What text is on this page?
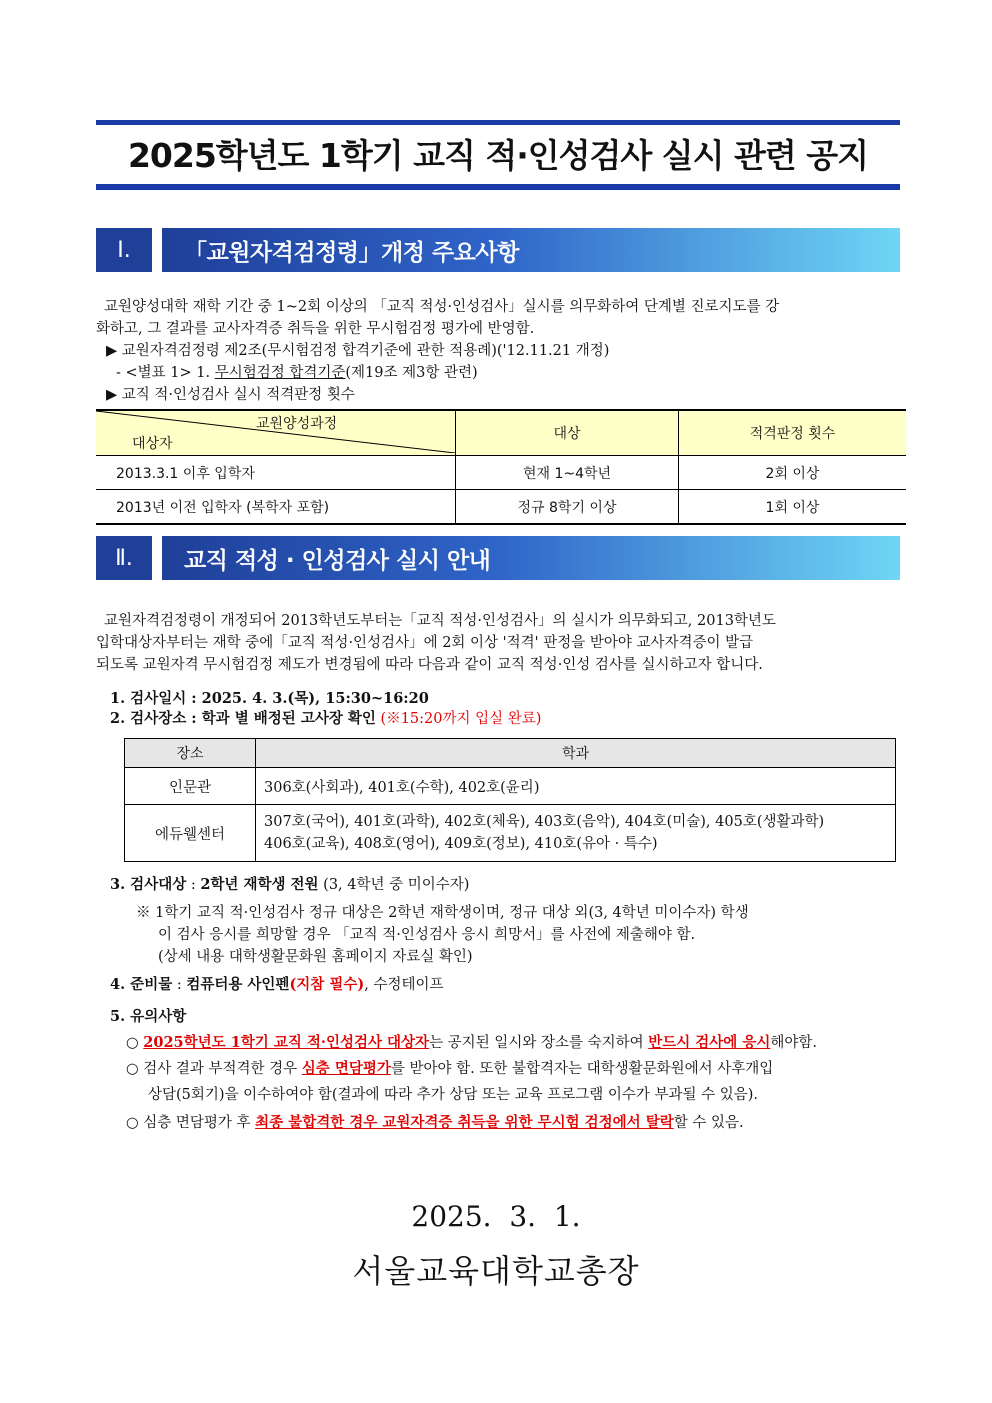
2025학년도 1학기 교직 적·인성검사 실시 관련 공지
Ⅰ.	「교원자격검정령」개정 주요사항
교원양성대학 재학 기간 중 1~2회 이상의 「교직 적성·인성검사」실시를 의무화하여 단계별 진로지도를 강
화하고, 그 결과를 교사자격증 취득을 위한 무시험검정 평가에 반영함.
▶ 교원자격검정령 제2조(무시험검정 합격기준에 관한 적용례)('12.11.21 개정)
- <별표 1> 1. 무시험검정 합격기준(제19조 제3항 관련)
▶ 교직 적·인성검사 실시 적격판정 횟수
교원양성과정
대상자	대상	적격판정 횟수
2013.3.1 이후 입학자	현재 1~4학년	2회 이상
2013년 이전 입학자 (복학자 포함)	정규 8학기 이상	1회 이상
Ⅱ.	교직 적성 · 인성검사 실시 안내
교원자격검정령이 개정되어 2013학년도부터는「교직 적성·인성검사」의 실시가 의무화되고, 2013학년도
입학대상자부터는 재학 중에「교직 적성·인성검사」에 2회 이상 '적격' 판정을 받아야 교사자격증이 발급
되도록 교원자격 무시험검정 제도가 변경됨에 따라 다음과 같이 교직 적성·인성 검사를 실시하고자 합니다.
1. 검사일시 : 2025. 4. 3.(목), 15:30~16:20
2. 검사장소 : 학과 별 배정된 고사장 확인 (※15:20까지 입실 완료)
장소	학과
인문관	306호(사회과), 401호(수학), 402호(윤리)
에듀웰센터	307호(국어), 401호(과학), 402호(체육), 403호(음악), 404호(미술), 405호(생활과학)
406호(교육), 408호(영어), 409호(정보), 410호(유아 · 특수)
3. 검사대상 : 2학년 재학생 전원 (3, 4학년 중 미이수자)
※ 1학기 교직 적·인성검사 정규 대상은 2학년 재학생이며, 정규 대상 외(3, 4학년 미이수자) 학생
이 검사 응시를 희망할 경우 「교직 적·인성검사 응시 희망서」를 사전에 제출해야 함.
(상세 내용 대학생활문화원 홈페이지 자료실 확인)
4. 준비물 : 컴퓨터용 사인펜(지참 필수), 수정테이프
5. 유의사항
○ 2025학년도 1학기 교직 적·인성검사 대상자는 공지된 일시와 장소를 숙지하여 반드시 검사에 응시해야함.
○ 검사 결과 부적격한 경우 심층 면담평가를 받아야 함. 또한 불합격자는 대학생활문화원에서 사후개입
상담(5회기)을 이수하여야 함(결과에 따라 추가 상담 또는 교육 프로그램 이수가 부과될 수 있음).
○ 심층 면담평가 후 최종 불합격한 경우 교원자격증 취득을 위한 무시험 검정에서 탈락할 수 있음.
2025.  3.  1.
서울교육대학교총장
